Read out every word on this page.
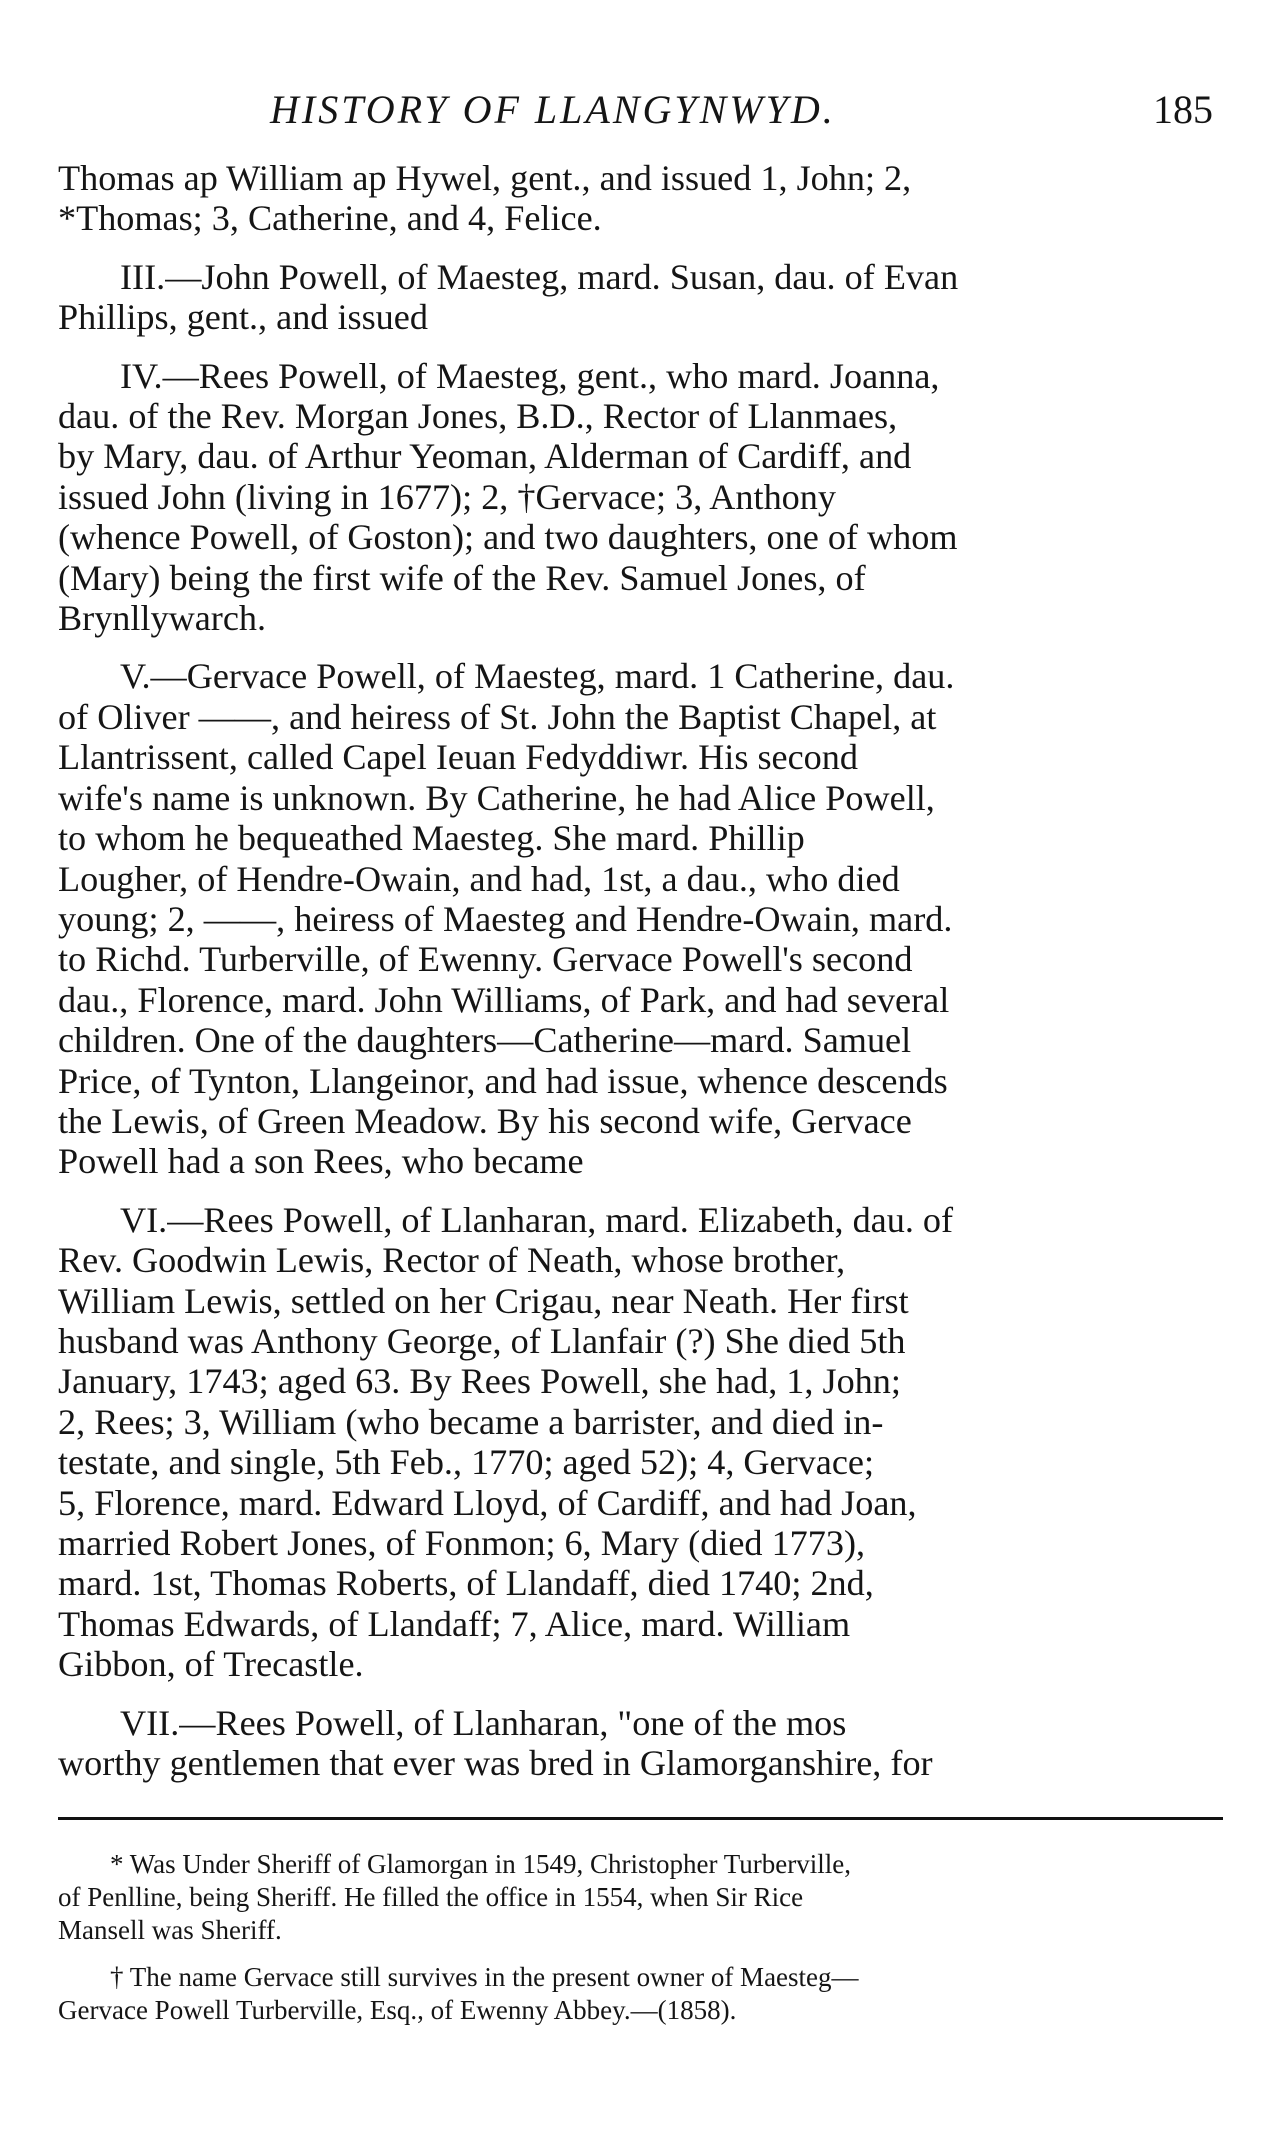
HISTORY OF LLANGYNWYD.	185

Thomas ap William ap Hywel, gent., and issued 1, John; 2,
*Thomas; 3, Catherine, and 4, Felice.

III.—John Powell, of Maesteg, mard. Susan, dau. of Evan
Phillips, gent., and issued

IV.—Rees Powell, of Maesteg, gent., who mard. Joanna,
dau. of the Rev. Morgan Jones, B.D., Rector of Llanmaes,
by Mary, dau. of Arthur Yeoman, Alderman of Cardiff, and
issued John (living in 1677); 2, †Gervace; 3, Anthony
(whence Powell, of Goston); and two daughters, one of whom
(Mary) being the first wife of the Rev. Samuel Jones, of
Brynllywarch.

V.—Gervace Powell, of Maesteg, mard. 1 Catherine, dau.
of Oliver ——, and heiress of St. John the Baptist Chapel, at
Llantrissent, called Capel Ieuan Fedyddiwr. His second
wife's name is unknown. By Catherine, he had Alice Powell,
to whom he bequeathed Maesteg. She mard. Phillip
Lougher, of Hendre-Owain, and had, 1st, a dau., who died
young; 2, ——, heiress of Maesteg and Hendre-Owain, mard.
to Richd. Turberville, of Ewenny. Gervace Powell's second
dau., Florence, mard. John Williams, of Park, and had several
children. One of the daughters—Catherine—mard. Samuel
Price, of Tynton, Llangeinor, and had issue, whence descends
the Lewis, of Green Meadow. By his second wife, Gervace
Powell had a son Rees, who became

VI.—Rees Powell, of Llanharan, mard. Elizabeth, dau. of
Rev. Goodwin Lewis, Rector of Neath, whose brother,
William Lewis, settled on her Crigau, near Neath. Her first
husband was Anthony George, of Llanfair (?) She died 5th
January, 1743; aged 63. By Rees Powell, she had, 1, John;
2, Rees; 3, William (who became a barrister, and died in-
testate, and single, 5th Feb., 1770; aged 52); 4, Gervace;
5, Florence, mard. Edward Lloyd, of Cardiff, and had Joan,
married Robert Jones, of Fonmon; 6, Mary (died 1773),
mard. 1st, Thomas Roberts, of Llandaff, died 1740; 2nd,
Thomas Edwards, of Llandaff; 7, Alice, mard. William
Gibbon, of Trecastle.

VII.—Rees Powell, of Llanharan, "one of the mos
worthy gentlemen that ever was bred in Glamorganshire, for

* Was Under Sheriff of Glamorgan in 1549, Christopher Turberville,
of Penlline, being Sheriff. He filled the office in 1554, when Sir Rice
Mansell was Sheriff.

† The name Gervace still survives in the present owner of Maesteg—
Gervace Powell Turberville, Esq., of Ewenny Abbey.—(1858).
